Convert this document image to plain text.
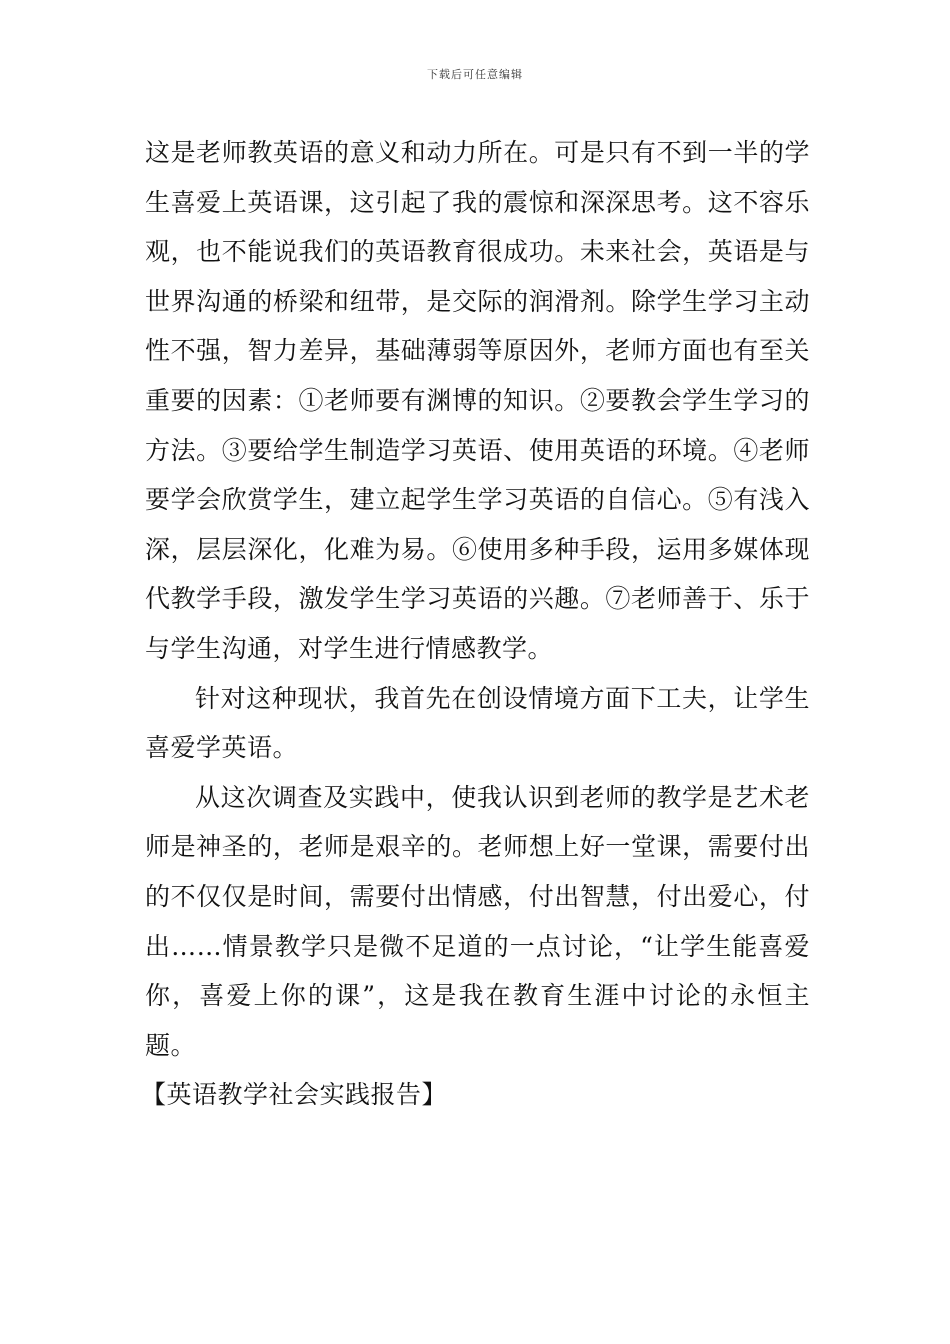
下载后可任意编辑

这是老师教英语的意义和动力所在。可是只有不到一半的学生喜爱上英语课，这引起了我的震惊和深深思考。这不容乐观，也不能说我们的英语教育很成功。未来社会，英语是与世界沟通的桥梁和纽带，是交际的润滑剂。除学生学习主动性不强，智力差异，基础薄弱等原因外，老师方面也有至关重要的因素：①老师要有渊博的知识。②要教会学生学习的方法。③要给学生制造学习英语、使用英语的环境。④老师要学会欣赏学生，建立起学生学习英语的自信心。⑤有浅入深，层层深化，化难为易。⑥使用多种手段，运用多媒体现代教学手段，激发学生学习英语的兴趣。⑦老师善于、乐于与学生沟通，对学生进行情感教学。

针对这种现状，我首先在创设情境方面下工夫，让学生喜爱学英语。

从这次调查及实践中，使我认识到老师的教学是艺术老师是神圣的，老师是艰辛的。老师想上好一堂课，需要付出的不仅仅是时间，需要付出情感，付出智慧，付出爱心，付出……情景教学只是微不足道的一点讨论，“让学生能喜爱你，喜爱上你的课”，这是我在教育生涯中讨论的永恒主题。

【英语教学社会实践报告】
